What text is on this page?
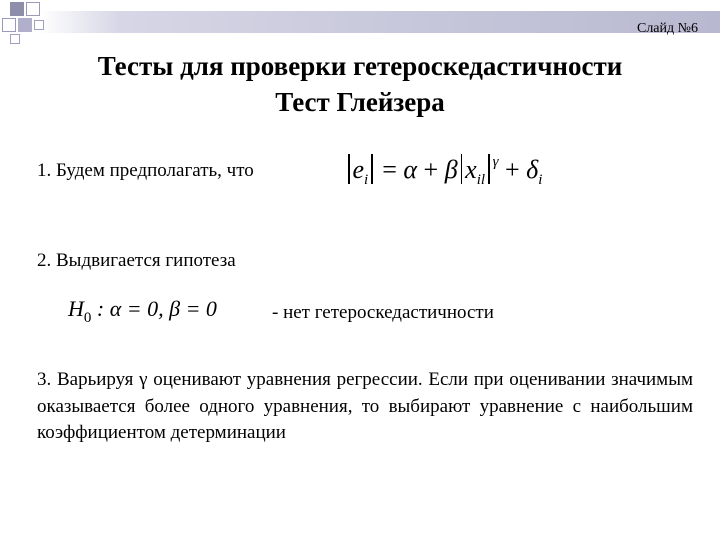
Слайд №6
Тесты для проверки гетероскедастичности
Тест Глейзера
1. Будем предполагать, что	$e_i = \alpha + \beta$ $x_{il}^\gamma + \delta_i$
2. Выдвигается гипотеза
$H_0$ : α = 0, β = 0	- нет гетероскедастичности
3. Варьируя γ оценивают уравнения регрессии. Если при оценивании значимым оказывается более одного уравнения, то выбирают уравнение с наибольшим коэффициентом детерминации
